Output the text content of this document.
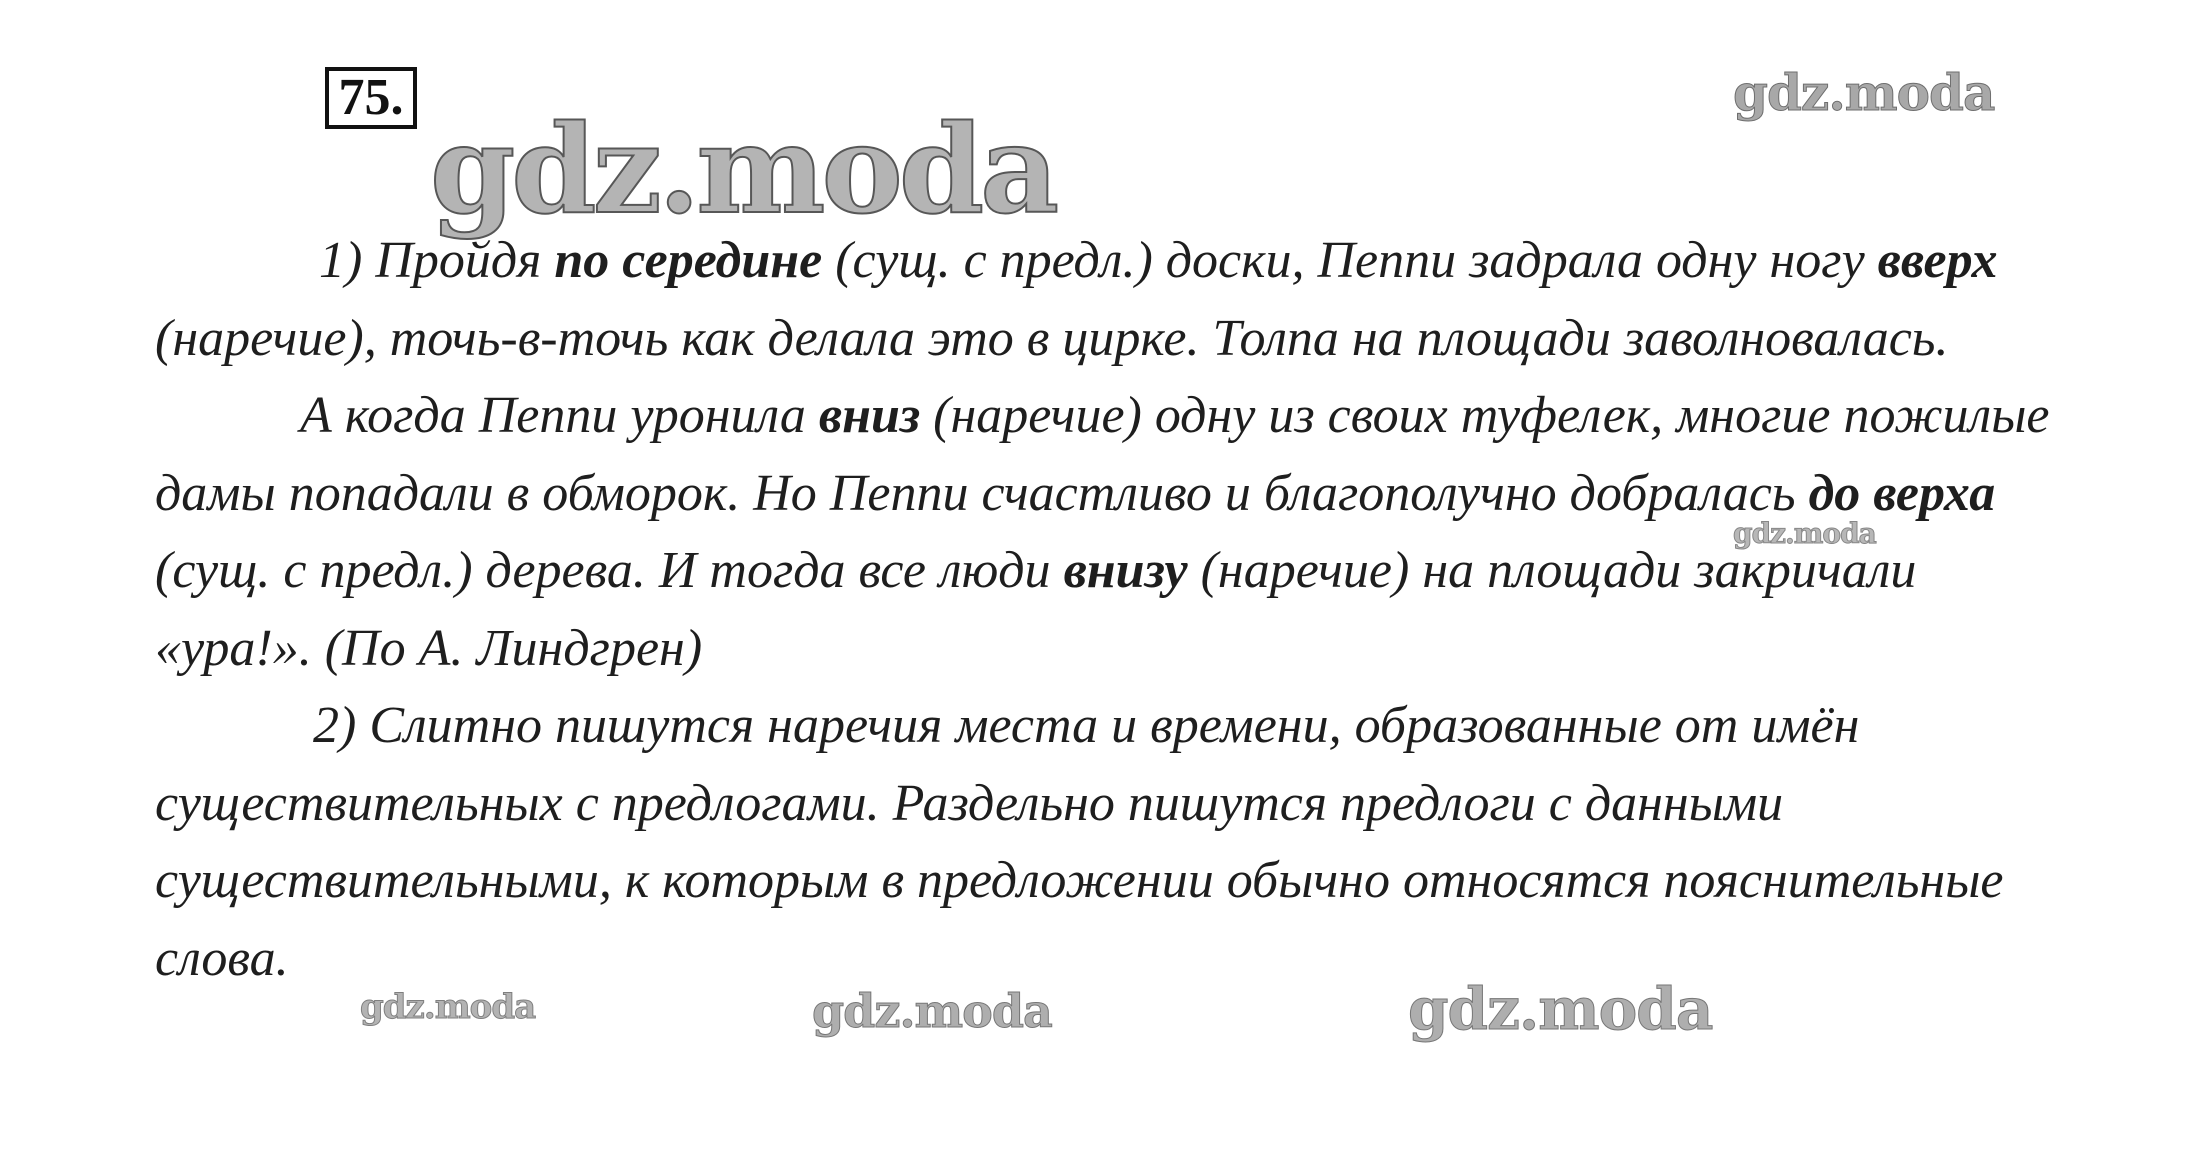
75. gdz.moda
gdz.moda
gdz.moda
gdz.moda	gdz.moda	gdz.moda

1) Пройдя по середине (сущ. с предл.) доски, Пеппи задрала одну ногу вверх (наречие), точь-в-точь как делала это в цирке. Толпа на площади заволновалась.

А когда Пеппи уронила вниз (наречие) одну из своих туфелек, многие пожилые дамы попадали в обморок. Но Пеппи счастливо и благополучно добралась до верха (сущ. с предл.) дерева. И тогда все люди внизу (наречие) на площади закричали «ура!». (По А. Линдгрен)

2) Слитно пишутся наречия места и времени, образованные от имён существительных с предлогами. Раздельно пишутся предлоги с данными существительными, к которым в предложении обычно относятся пояснительные слова.
